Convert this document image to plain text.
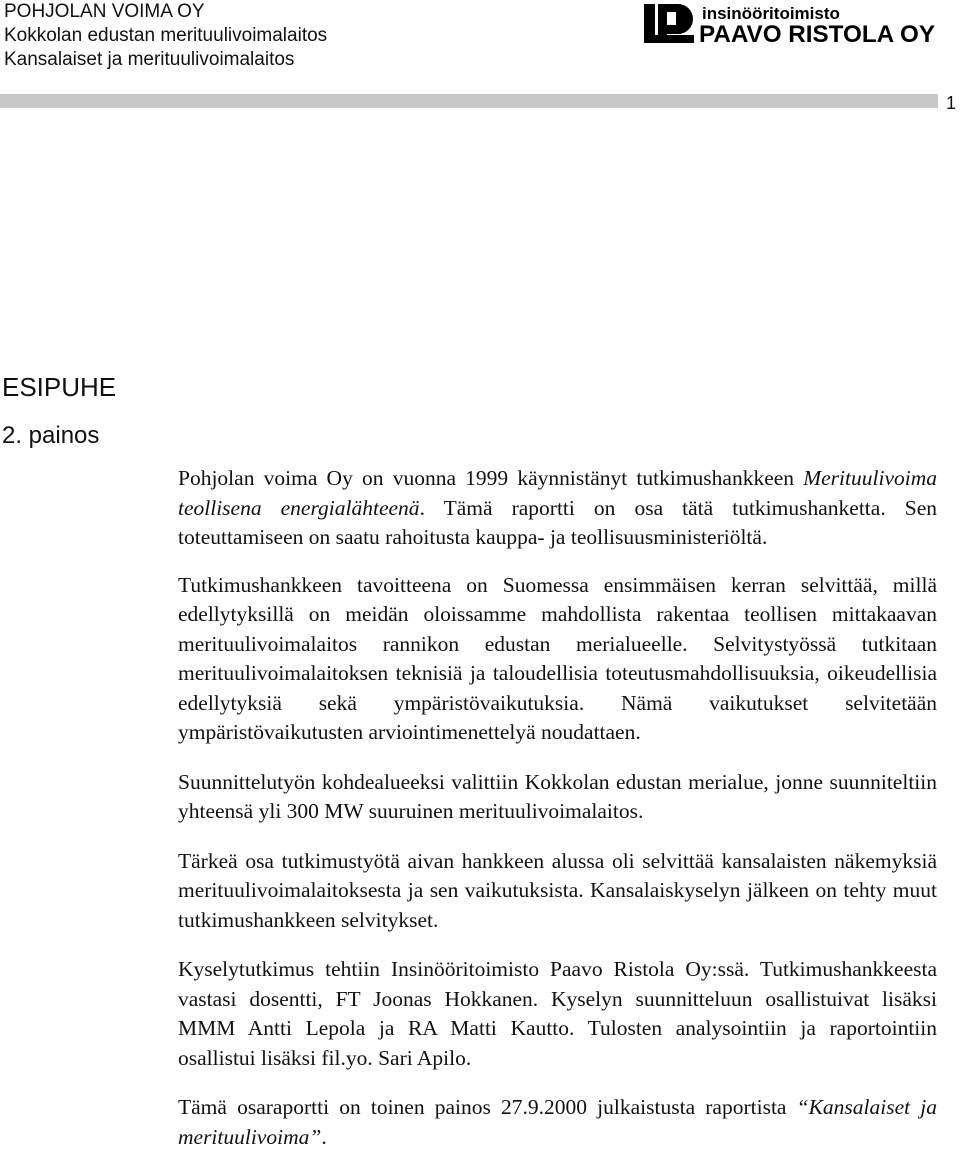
POHJOLAN VOIMA OY
Kokkolan edustan merituulivoimalaitos
Kansalaiset ja merituulivoimalaitos
insinööritoimisto
PAAVO RISTOLA OY
1
ESIPUHE
2. painos

Pohjolan voima Oy on vuonna 1999 käynnistänyt tutkimushankkeen Merituulivoima teollisena energialähteenä. Tämä raportti on osa tätä tutkimushanketta. Sen toteuttamiseen on saatu rahoitusta kauppa- ja teollisuusministeriöltä.

Tutkimushankkeen tavoitteena on Suomessa ensimmäisen kerran selvittää, millä edellytyksillä on meidän oloissamme mahdollista rakentaa teollisen mittakaavan merituulivoimalaitos rannikon edustan merialueelle. Selvitystyössä tutkitaan merituulivoimalaitoksen teknisiä ja taloudellisia toteutusmahdollisuuksia, oikeudellisia edellytyksiä sekä ympäristövaikutuksia. Nämä vaikutukset selvitetään ympäristövaikutusten arviointimenettelyä noudattaen.

Suunnittelutyön kohdealueeksi valittiin Kokkolan edustan merialue, jonne suunniteltiin yhteensä yli 300 MW suuruinen merituulivoimalaitos.

Tärkeä osa tutkimustyötä aivan hankkeen alussa oli selvittää kansalaisten näkemyksiä merituulivoimalaitoksesta ja sen vaikutuksista. Kansalaiskyselyn jälkeen on tehty muut tutkimushankkeen selvitykset.

Kyselytutkimus tehtiin Insinööritoimisto Paavo Ristola Oy:ssä. Tutkimushankkeesta vastasi dosentti, FT Joonas Hokkanen. Kyselyn suunnitteluun osallistuivat lisäksi MMM Antti Lepola ja RA Matti Kautto. Tulosten analysointiin ja raportointiin osallistui lisäksi fil.yo. Sari Apilo.

Tämä osaraportti on toinen painos 27.9.2000 julkaistusta raportista “Kansalaiset ja merituulivoima”.
